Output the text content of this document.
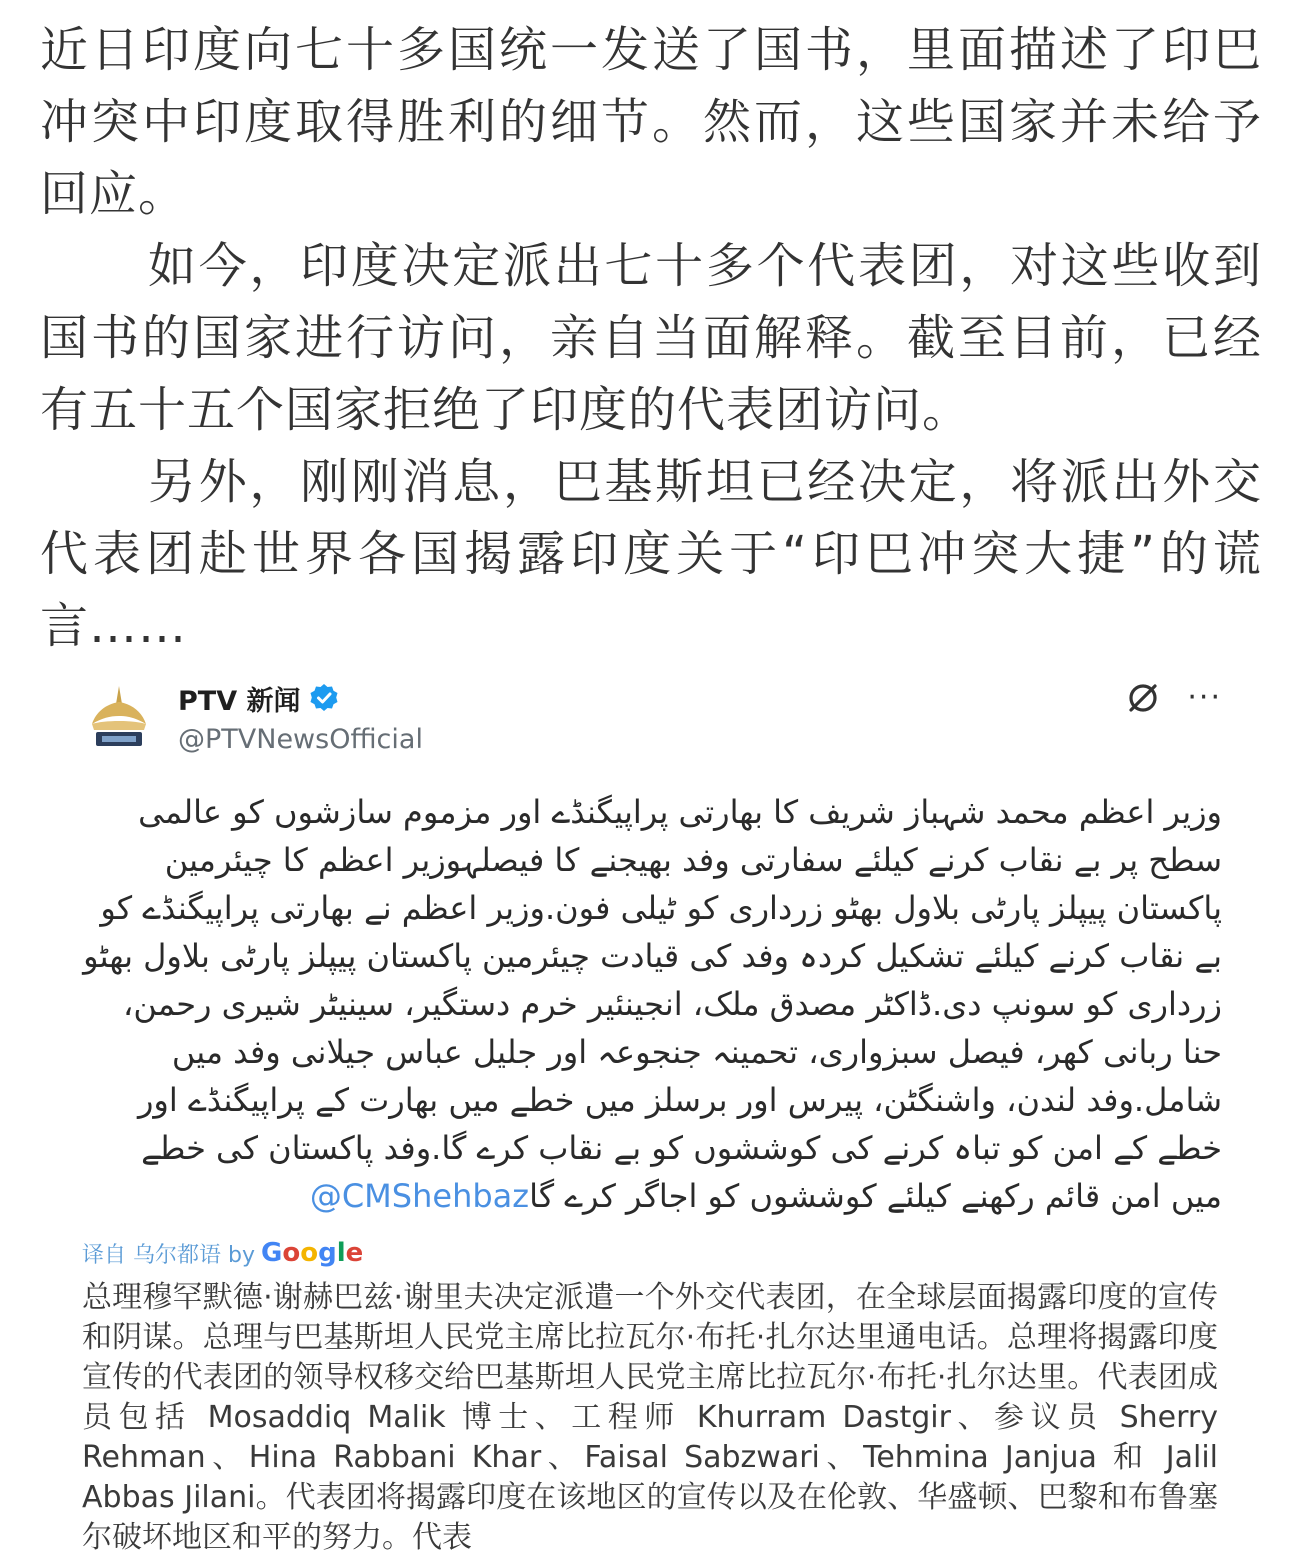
近日印度向七十多国统一发送了国书，里面描述了印巴冲突中印度取得胜利的细节。然而，这些国家并未给予回应。

如今，印度决定派出七十多个代表团，对这些收到国书的国家进行访问，亲自当面解释。截至目前，已经有五十五个国家拒绝了印度的代表团访问。

另外，刚刚消息，巴基斯坦已经决定，将派出外交代表团赴世界各国揭露印度关于“印巴冲突大捷”的谎言……

PTV 新闻
@PTVNewsOfficial
···
وزیر اعظم محمد شہباز شریف کا بھارتی پراپیگنڈے اور مزموم سازشوں کو عالمی سطح پر بے نقاب کرنے کیلئے سفارتی وفد بھیجنے کا فیصلہوزیر اعظم کا چیئرمین پاکستان پیپلز پارٹی بلاول بھٹو زرداری کو ٹیلی فون.وزیر اعظم نے بھارتی پراپیگنڈے کو بے نقاب کرنے کیلئے تشکیل کردہ وفد کی قیادت چیئرمین پاکستان پیپلز پارٹی بلاول بھٹو زرداری کو سونپ دی.ڈاکٹر مصدق ملک، انجینئیر خرم دستگیر، سینیٹر شیری رحمن، حنا ربانی کھر، فیصل سبزواری، تحمینہ جنجوعہ اور جلیل عباس جیلانی وفد میں شامل.وفد لندن، واشنگٹن، پیرس اور برسلز میں خطے میں بھارت کے پراپیگنڈے اور خطے کے امن کو تباہ کرنے کی کوششوں کو بے نقاب کرے گا.وفد پاکستان کی خطے میں امن قائم رکھنے کیلئے کوششوں کو اجاگر کرے گا@CMShehbaz
译自 乌尔都语 by Google
总理穆罕默德·谢赫巴兹·谢里夫决定派遣一个外交代表团，在全球层面揭露印度的宣传和阴谋。总理与巴基斯坦人民党主席比拉瓦尔·布托·扎尔达里通电话。总理将揭露印度宣传的代表团的领导权移交给巴基斯坦人民党主席比拉瓦尔·布托·扎尔达里。代表团成员包括 Mosaddiq Malik 博士、工程师 Khurram Dastgir、参议员 Sherry Rehman、Hina Rabbani Khar、Faisal Sabzwari、Tehmina Janjua 和 Jalil Abbas Jilani。代表团将揭露印度在该地区的宣传以及在伦敦、华盛顿、巴黎和布鲁塞尔破坏地区和平的努力。代表
